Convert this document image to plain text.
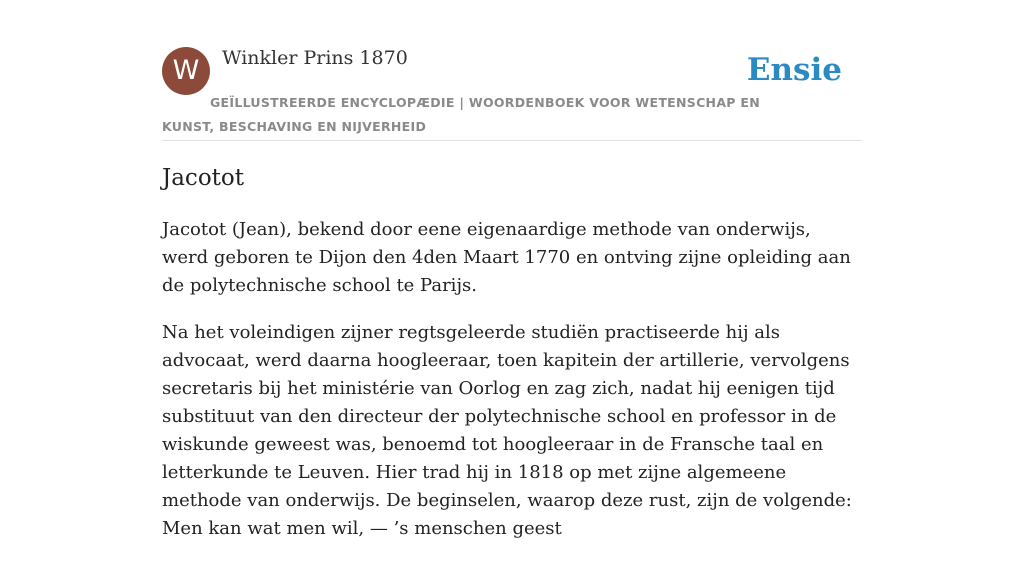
W	Winkler Prins 1870	Ensie
GEÏLLUSTREERDE ENCYCLOPÆDIE | WOORDENBOEK VOOR WETENSCHAP EN KUNST, BESCHAVING EN NIJVERHEID
Jacotot

Jacotot (Jean), bekend door eene eigenaardige methode van onderwijs, werd geboren te Dijon den 4den Maart 1770 en ontving zijne opleiding aan de polytechnische school te Parijs.

Na het voleindigen zijner regtsgeleerde studiën practiseerde hij als advocaat, werd daarna hoogleeraar, toen kapitein der artillerie, vervolgens secretaris bij het ministérie van Oorlog en zag zich, nadat hij eenigen tijd substituut van den directeur der polytechnische school en professor in de wiskunde geweest was, benoemd tot hoogleeraar in de Fransche taal en letterkunde te Leuven. Hier trad hij in 1818 op met zijne algemeene methode van onderwijs. De beginselen, waarop deze rust, zijn de volgende: Men kan wat men wil, — ’s menschen geest
